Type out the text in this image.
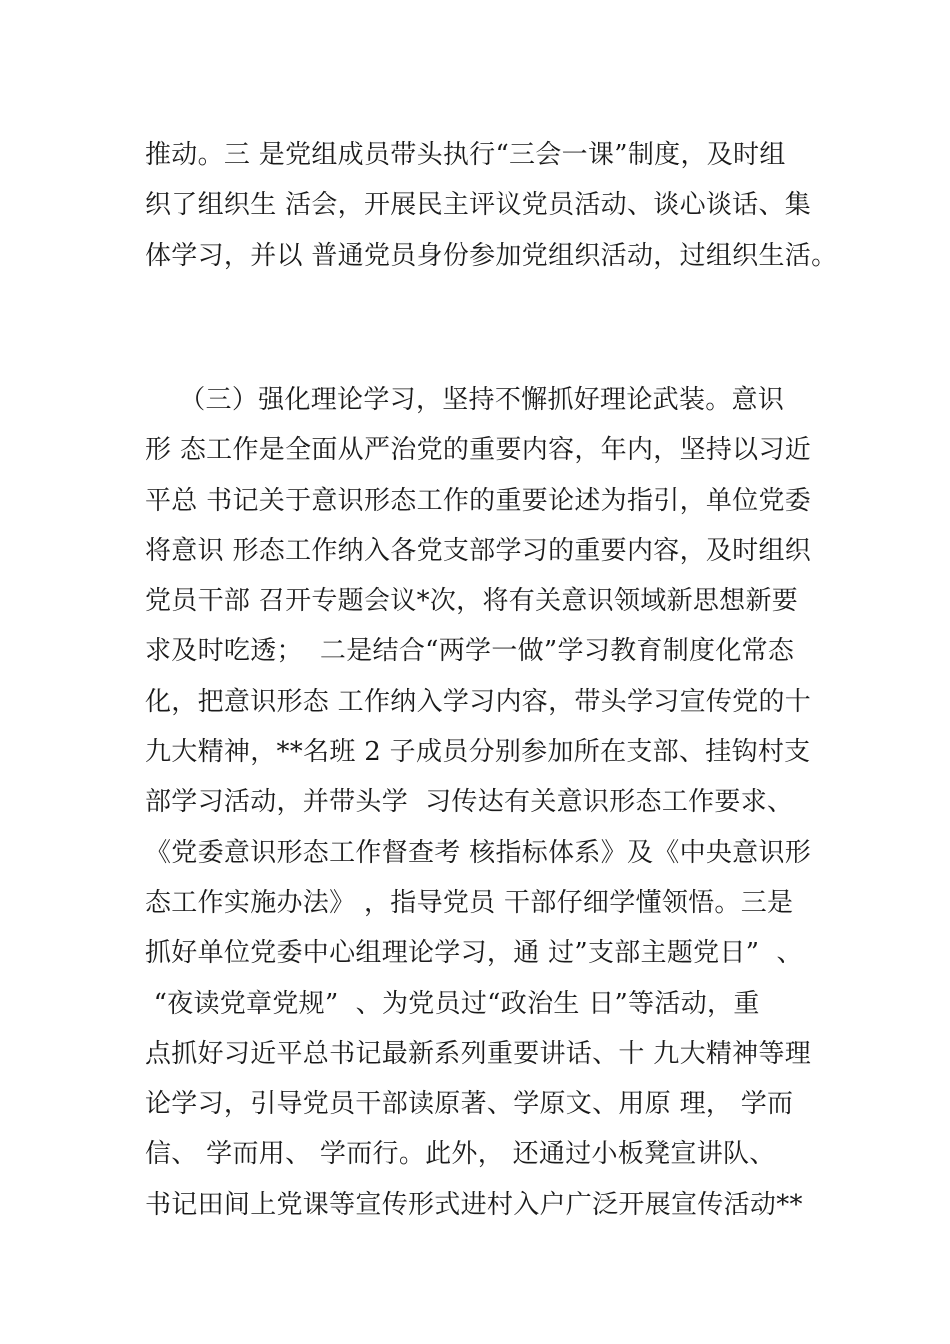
推动。三 是党组成员带头执行“三会一课”制度，及时组
织了组织生 活会，开展民主评议党员活动、谈心谈话、集
体学习，并以 普通党员身份参加党组织活动，过组织生活。
（三）强化理论学习，坚持不懈抓好理论武装。意识
形 态工作是全面从严治党的重要内容，年内，坚持以习近
平总 书记关于意识形态工作的重要论述为指引，单位党委
将意识 形态工作纳入各党支部学习的重要内容，及时组织
党员干部 召开专题会议*次，将有关意识领域新思想新要
求及时吃透；  二是结合“两学一做”学习教育制度化常态
化，把意识形态 工作纳入学习内容，带头学习宣传党的十
九大精神，**名班 2 子成员分别参加所在支部、挂钩村支
部学习活动，并带头学  习传达有关意识形态工作要求、
《党委意识形态工作督查考 核指标体系》及《中央意识形
态工作实施办法》 ，指导党员 干部仔细学懂领悟。三是
抓好单位党委中心组理论学习，通 过”支部主题党日”  、
“夜读党章党规”  、为党员过“政治生 日”等活动，重
点抓好习近平总书记最新系列重要讲话、十 九大精神等理
论学习，引导党员干部读原著、学原文、用原 理， 学而
信、 学而用、 学而行。此外， 还通过小板凳宣讲队、
书记田间上党课等宣传形式进村入户广泛开展宣传活动**
